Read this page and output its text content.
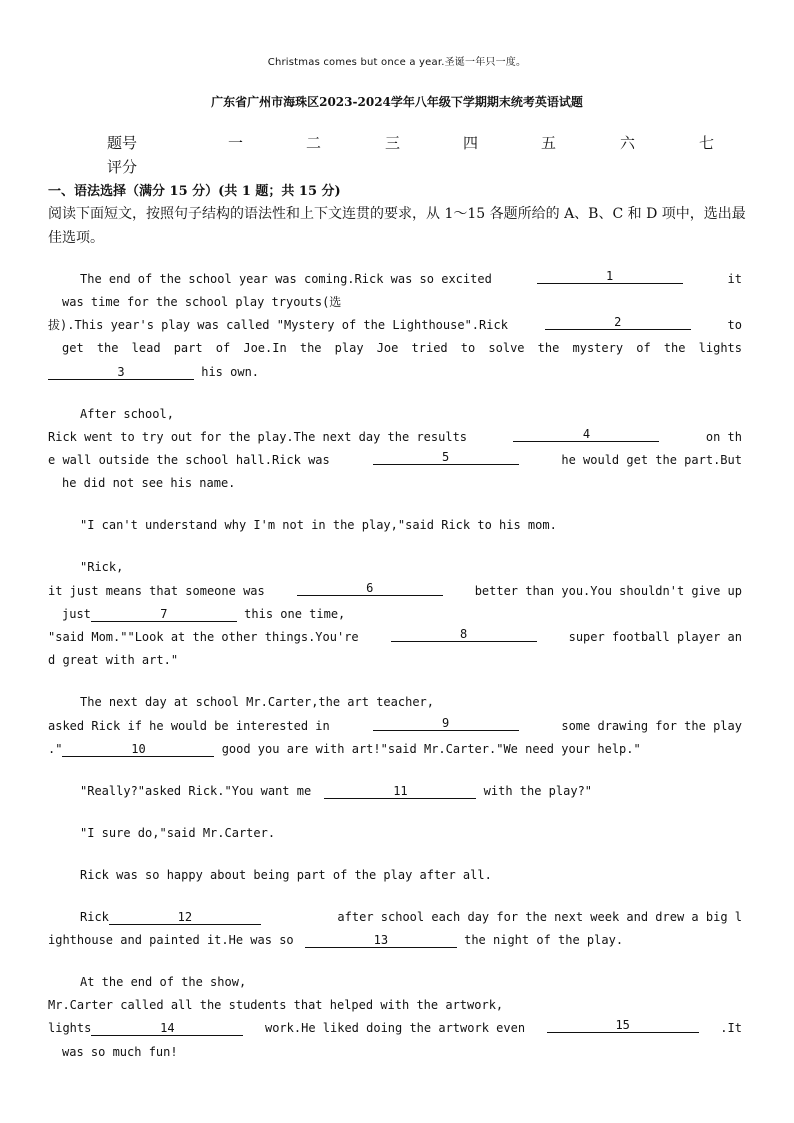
Christmas comes but once a year.圣诞一年只一度。
广东省广州市海珠区2023-2024学年八年级下学期期末统考英语试题
题号	一	二	三	四	五	六	七
评分
一、语法选择（满分 15 分）(共 1 题；共 15 分)
阅读下面短文，按照句子结构的语法性和上下文连贯的要求，从 1～15 各题所给的 A、B、C 和 D 项中，选出最佳选项。
The end of the school year was coming.Rick was so excited	1	it
was time for the school play tryouts(选
拔).This year's play was called "Mystery of the Lighthouse".Rick	2	to
get the lead part of Joe.In the play Joe tried to solve the mystery of the lights
3	his own.
After school,
Rick went to try out for the play.The next day the results	4	on th
e wall outside the school hall.Rick was	5	he would get the part.But
he did not see his name.
"I can't understand why I'm not in the play,"said Rick to his mom.
"Rick,
it just means that someone was	6	better than you.You shouldn't give up
just	7	this one time,
"said Mom.""Look at the other things.You're	8	super football player an
d great with art."
The next day at school Mr.Carter,the art teacher,
asked Rick if he would be interested in	9	some drawing for the play
."	10	good you are with art!"said Mr.Carter."We need your help."
"Really?"asked Rick."You want me	11	with the play?"
"I sure do,"said Mr.Carter.
Rick was so happy about being part of the play after all.
Rick	12	after school each day for the next week and drew a big l
ighthouse and painted it.He was so	13	the night of the play.
At the end of the show,
Mr.Carter called all the students that helped with the artwork,
lights	14	work.He liked doing the artwork even	15	.It
was so much fun!
